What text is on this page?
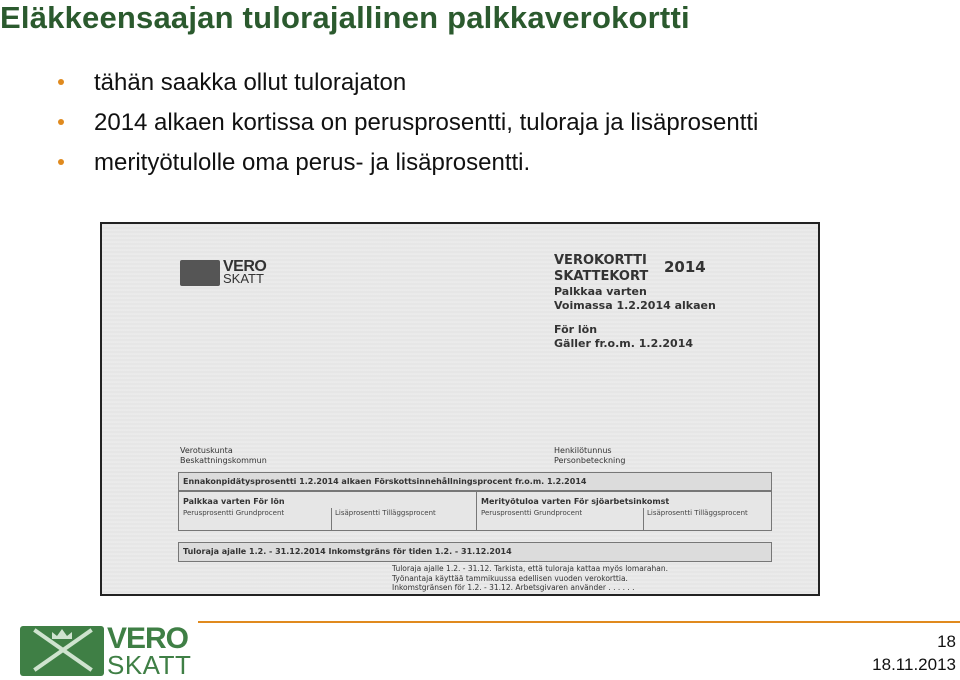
Eläkkeensaajan tulorajallinen palkkaverokortti
tähän saakka ollut tulorajaton
2014 alkaen kortissa on perusprosentti, tuloraja ja lisäprosentti
merityötulolle oma perus- ja lisäprosentti.
VERO
SKATT
VEROKORTTI
SKATTEKORT
Palkkaa varten
Voimassa 1.2.2014 alkaen
För lön
Gäller fr.o.m. 1.2.2014
2014
Verotuskunta
Beskattningskommun
Henkilötunnus
Personbeteckning
Ennakonpidätysprosentti 1.2.2014 alkaen Förskottsinnehållningsprocent fr.o.m. 1.2.2014
Palkkaa varten För lön
Perusprosentti Grundprocent	Lisäprosentti Tilläggsprocent
Merityötuloa varten För sjöarbetsinkomst
Perusprosentti Grundprocent	Lisäprosentti Tilläggsprocent
Tuloraja ajalle 1.2. - 31.12.2014 Inkomstgräns för tiden 1.2. - 31.12.2014
Tuloraja ajalle 1.2. - 31.12. Tarkista, että tuloraja kattaa myös lomarahan.
Työnantaja käyttää tammikuussa edellisen vuoden verokorttia.
Inkomstgränsen för 1.2. - 31.12. Arbetsgivaren använder . . . . . .
VERO
SKATT
18
18.11.2013
